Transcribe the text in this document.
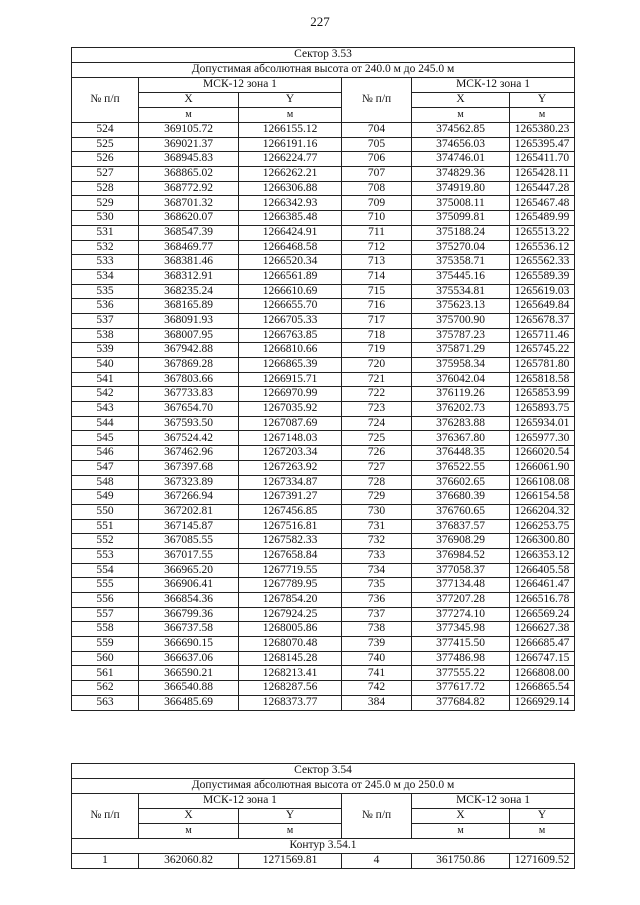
227
Сектор 3.53					
Допустимая абсолютная высота от 240.0 м до 245.0 м					
№ п/п	МСК-12 зона 1		№ п/п	МСК-12 зона 1	
	X	Y		X	Y
	м	м		м	м
524	369105.72	1266155.12	704	374562.85	1265380.23
525	369021.37	1266191.16	705	374656.03	1265395.47
526	368945.83	1266224.77	706	374746.01	1265411.70
527	368865.02	1266262.21	707	374829.36	1265428.11
528	368772.92	1266306.88	708	374919.80	1265447.28
529	368701.32	1266342.93	709	375008.11	1265467.48
530	368620.07	1266385.48	710	375099.81	1265489.99
531	368547.39	1266424.91	711	375188.24	1265513.22
532	368469.77	1266468.58	712	375270.04	1265536.12
533	368381.46	1266520.34	713	375358.71	1265562.33
534	368312.91	1266561.89	714	375445.16	1265589.39
535	368235.24	1266610.69	715	375534.81	1265619.03
536	368165.89	1266655.70	716	375623.13	1265649.84
537	368091.93	1266705.33	717	375700.90	1265678.37
538	368007.95	1266763.85	718	375787.23	1265711.46
539	367942.88	1266810.66	719	375871.29	1265745.22
540	367869.28	1266865.39	720	375958.34	1265781.80
541	367803.66	1266915.71	721	376042.04	1265818.58
542	367733.83	1266970.99	722	376119.26	1265853.99
543	367654.70	1267035.92	723	376202.73	1265893.75
544	367593.50	1267087.69	724	376283.88	1265934.01
545	367524.42	1267148.03	725	376367.80	1265977.30
546	367462.96	1267203.34	726	376448.35	1266020.54
547	367397.68	1267263.92	727	376522.55	1266061.90
548	367323.89	1267334.87	728	376602.65	1266108.08
549	367266.94	1267391.27	729	376680.39	1266154.58
550	367202.81	1267456.85	730	376760.65	1266204.32
551	367145.87	1267516.81	731	376837.57	1266253.75
552	367085.55	1267582.33	732	376908.29	1266300.80
553	367017.55	1267658.84	733	376984.52	1266353.12
554	366965.20	1267719.55	734	377058.37	1266405.58
555	366906.41	1267789.95	735	377134.48	1266461.47
556	366854.36	1267854.20	736	377207.28	1266516.78
557	366799.36	1267924.25	737	377274.10	1266569.24
558	366737.58	1268005.86	738	377345.98	1266627.38
559	366690.15	1268070.48	739	377415.50	1266685.47
560	366637.06	1268145.28	740	377486.98	1266747.15
561	366590.21	1268213.41	741	377555.22	1266808.00
562	366540.88	1268287.56	742	377617.72	1266865.54
563	366485.69	1268373.77	384	377684.82	1266929.14
Сектор 3.54					
Допустимая абсолютная высота от 245.0 м до 250.0 м					
№ п/п	МСК-12 зона 1		№ п/п	МСК-12 зона 1	
	X	Y		X	Y
	м	м		м	м
Контур 3.54.1					
1	362060.82	1271569.81	4	361750.86	1271609.52
